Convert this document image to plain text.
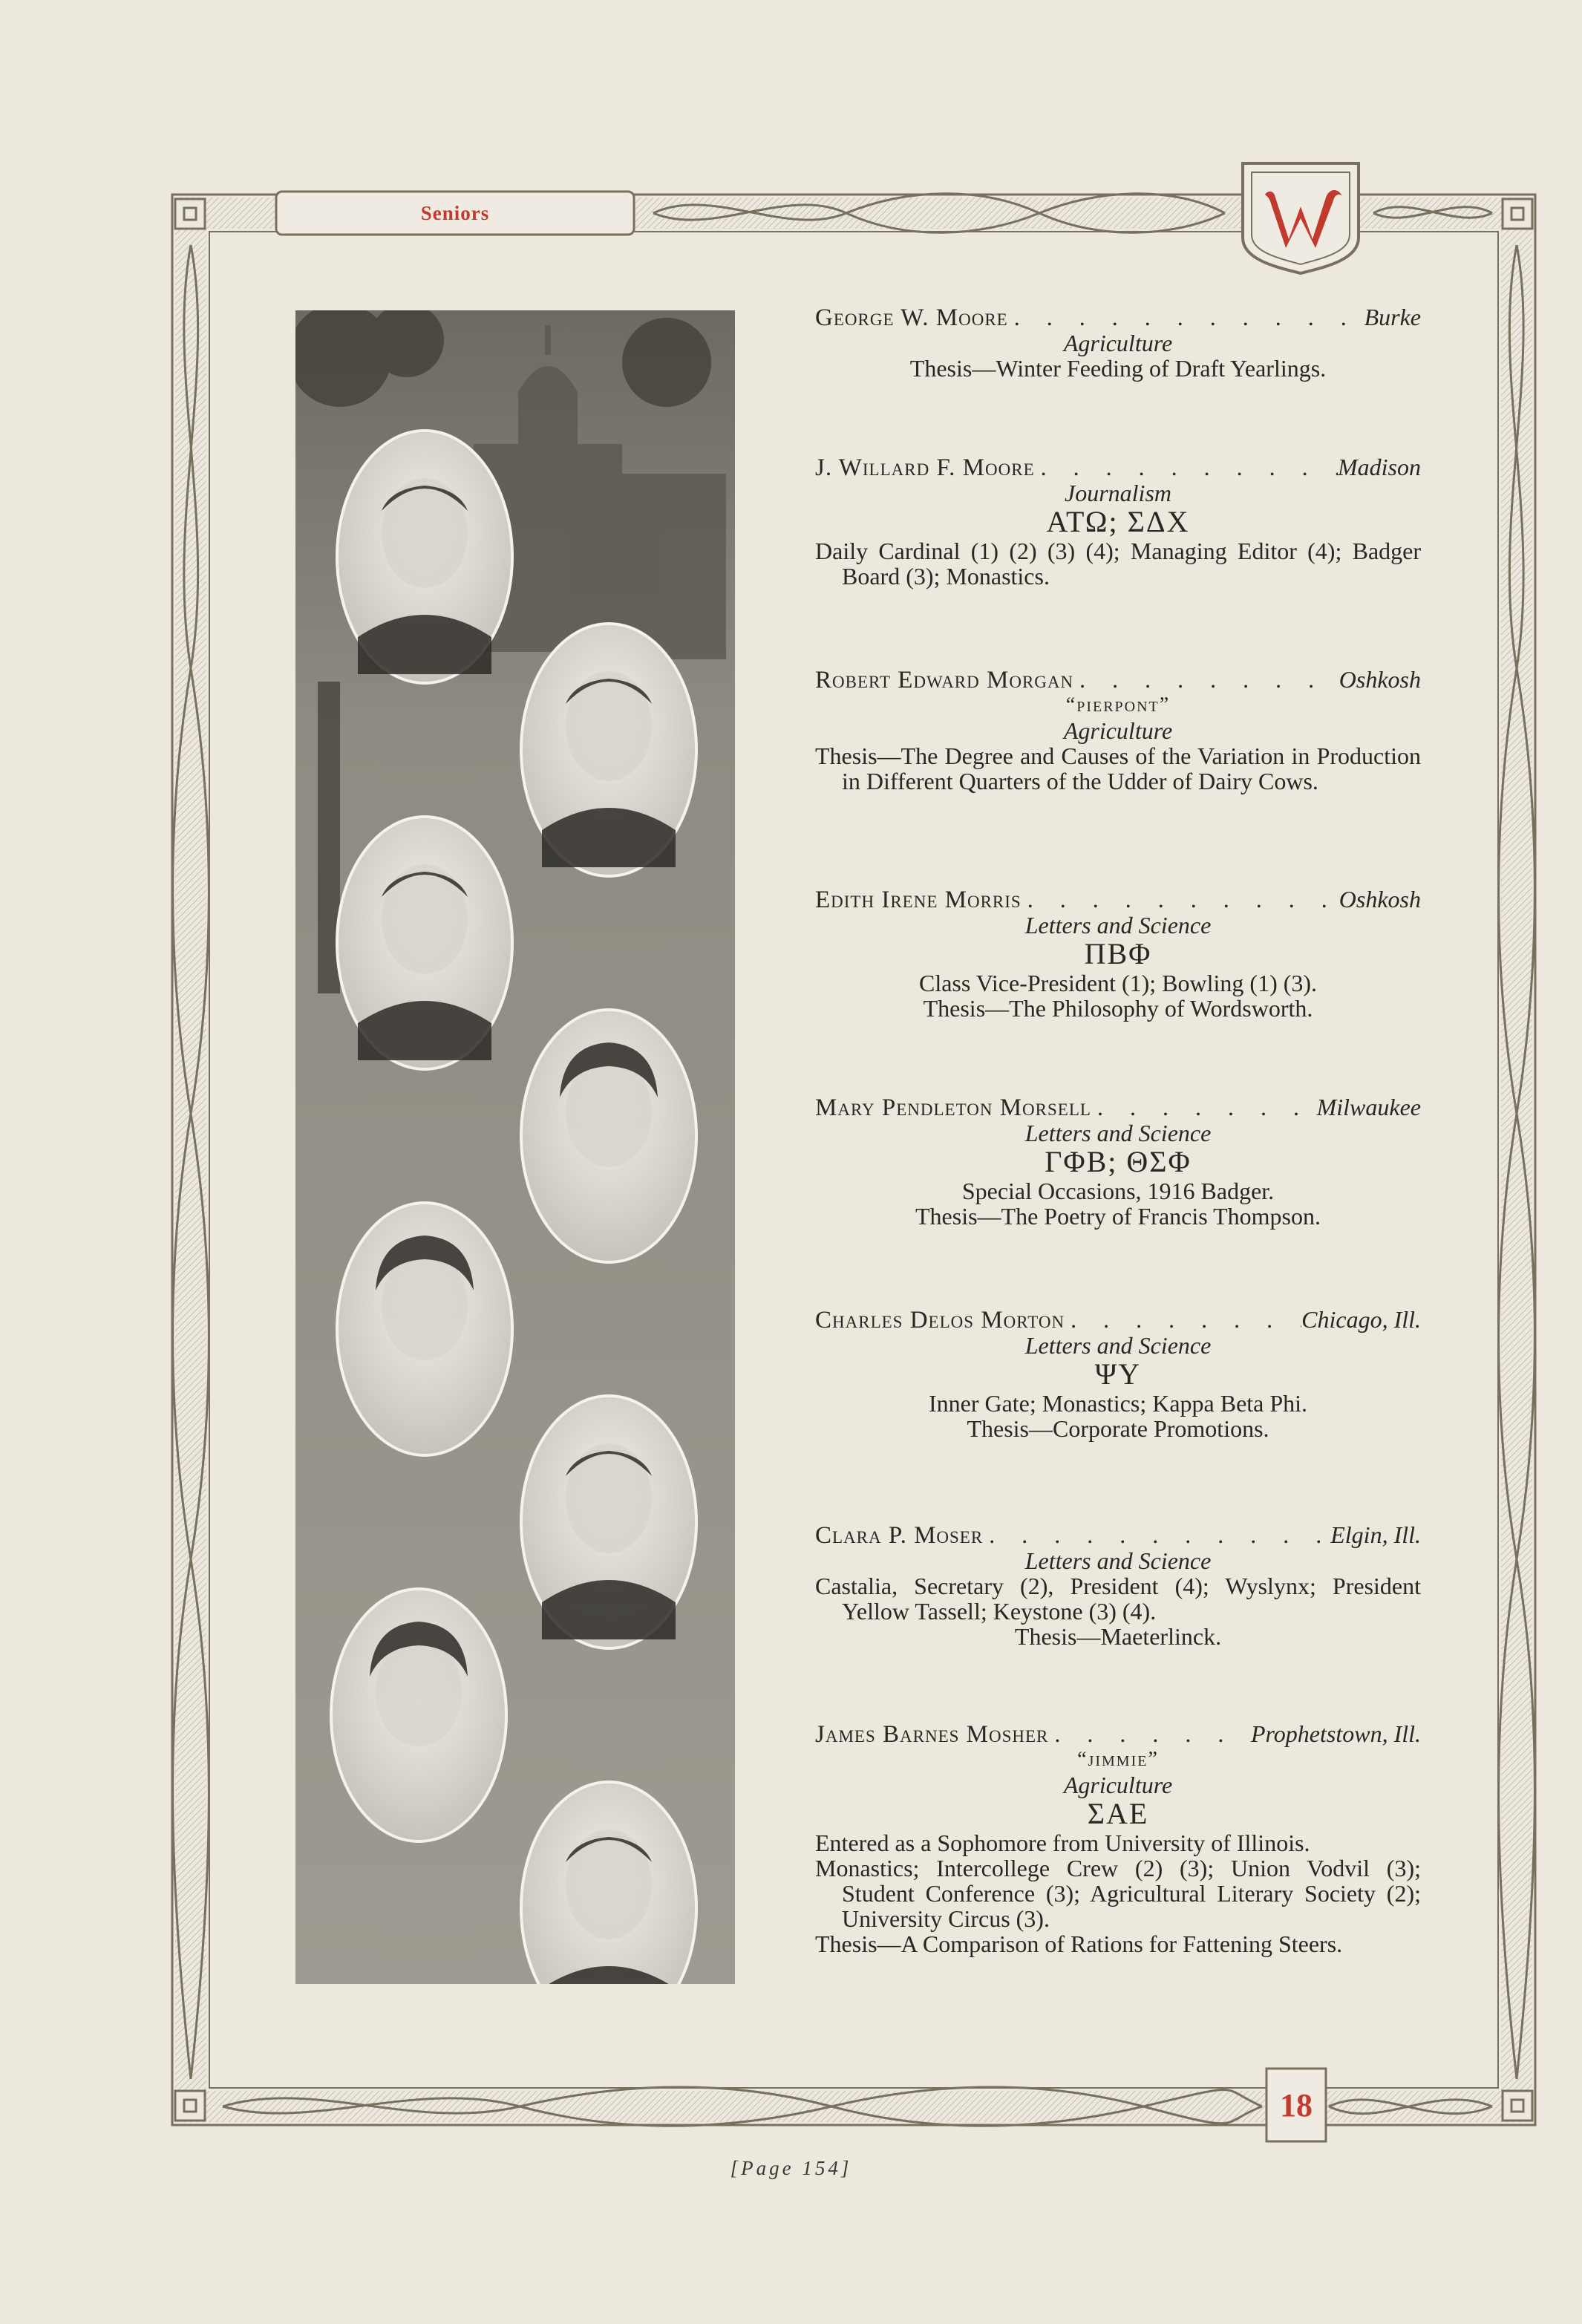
Seniors
George W. Moore . . .	Burke
Agriculture
Thesis—Winter Feeding of Draft Yearlings.
J. Willard F. Moore . . .	Madison
Journalism
ΑΤΩ; ΣΔΧ
Daily Cardinal (1) (2) (3) (4); Managing Editor (4); Badger Board (3); Monastics.
Robert Edward Morgan . . .	Oshkosh
“pierpont”
Agriculture
Thesis—The Degree and Causes of the Variation in Production in Different Quarters of the Udder of Dairy Cows.
Edith Irene Morris . . .	Oshkosh
Letters and Science
ΠΒΦ
Class Vice-President (1); Bowling (1) (3).
Thesis—The Philosophy of Wordsworth.
Mary Pendleton Morsell . . .	Milwaukee
Letters and Science
ΓΦΒ; ΘΣΦ
Special Occasions, 1916 Badger.
Thesis—The Poetry of Francis Thompson.
Charles Delos Morton . . .	Chicago, Ill.
Letters and Science
ΨΥ
Inner Gate; Monastics; Kappa Beta Phi.
Thesis—Corporate Promotions.
Clara P. Moser . . .	Elgin, Ill.
Letters and Science
Castalia, Secretary (2), President (4); Wyslynx; President Yellow Tassell; Keystone (3) (4).
Thesis—Maeterlinck.
James Barnes Mosher . . .	Prophetstown, Ill.
“jimmie”
Agriculture
ΣΑΕ
Entered as a Sophomore from University of Illinois.
Monastics; Intercollege Crew (2) (3); Union Vodvil (3); Student Conference (3); Agricultural Literary Society (2); University Circus (3).
Thesis—A Comparison of Rations for Fattening Steers.
18
[Page 154]
